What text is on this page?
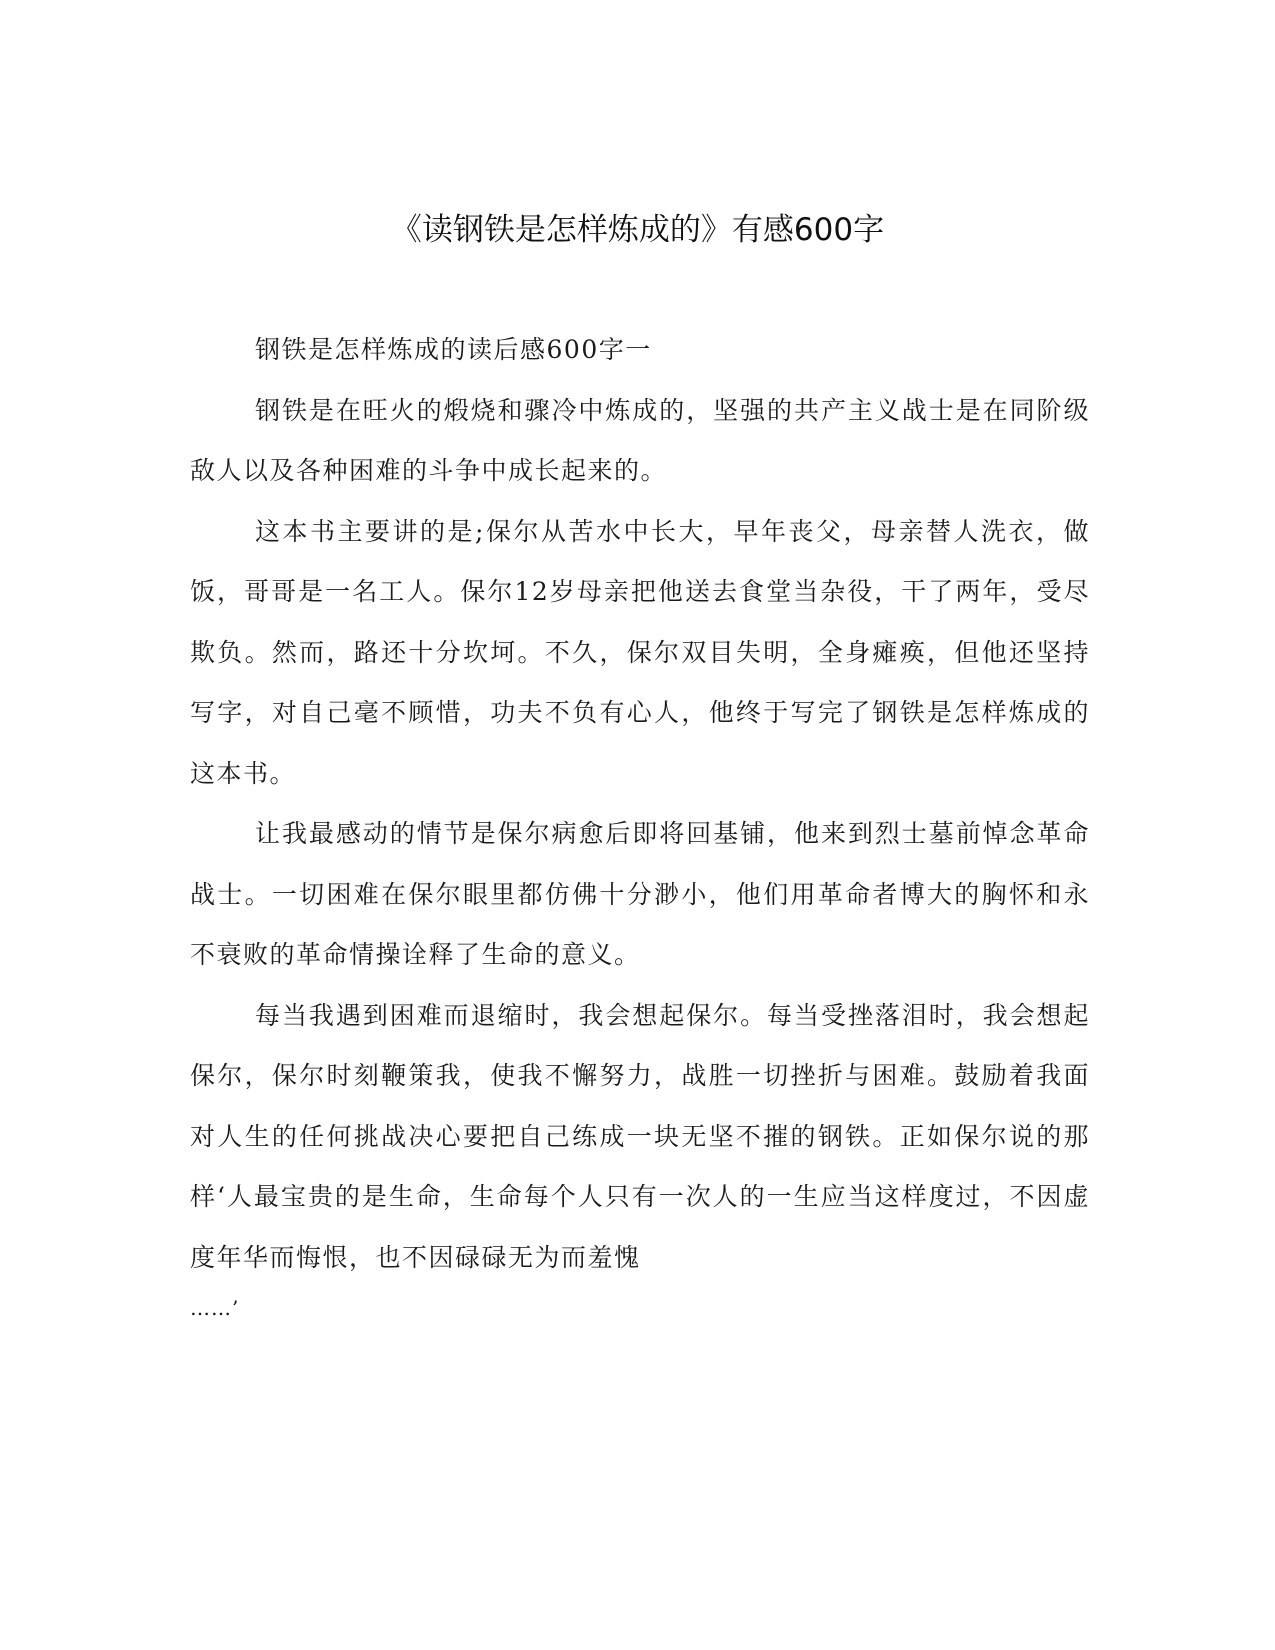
《读钢铁是怎样炼成的》有感600字

钢铁是怎样炼成的读后感600字一

钢铁是在旺火的煅烧和骤冷中炼成的，坚强的共产主义战士是在同阶级敌人以及各种困难的斗争中成长起来的。

这本书主要讲的是;保尔从苦水中长大，早年丧父，母亲替人洗衣，做饭，哥哥是一名工人。保尔12岁母亲把他送去食堂当杂役，干了两年，受尽欺负。然而，路还十分坎坷。不久，保尔双目失明，全身瘫痪，但他还坚持写字，对自己毫不顾惜，功夫不负有心人，他终于写完了钢铁是怎样炼成的这本书。

让我最感动的情节是保尔病愈后即将回基铺，他来到烈士墓前悼念革命战士。一切困难在保尔眼里都仿佛十分渺小，他们用革命者博大的胸怀和永不衰败的革命情操诠释了生命的意义。

每当我遇到困难而退缩时，我会想起保尔。每当受挫落泪时，我会想起保尔，保尔时刻鞭策我，使我不懈努力，战胜一切挫折与困难。鼓励着我面对人生的任何挑战决心要把自己练成一块无坚不摧的钢铁。正如保尔说的那样‘人最宝贵的是生命，生命每个人只有一次人的一生应当这样度过，不因虚度年华而悔恨，也不因碌碌无为而羞愧
……’
